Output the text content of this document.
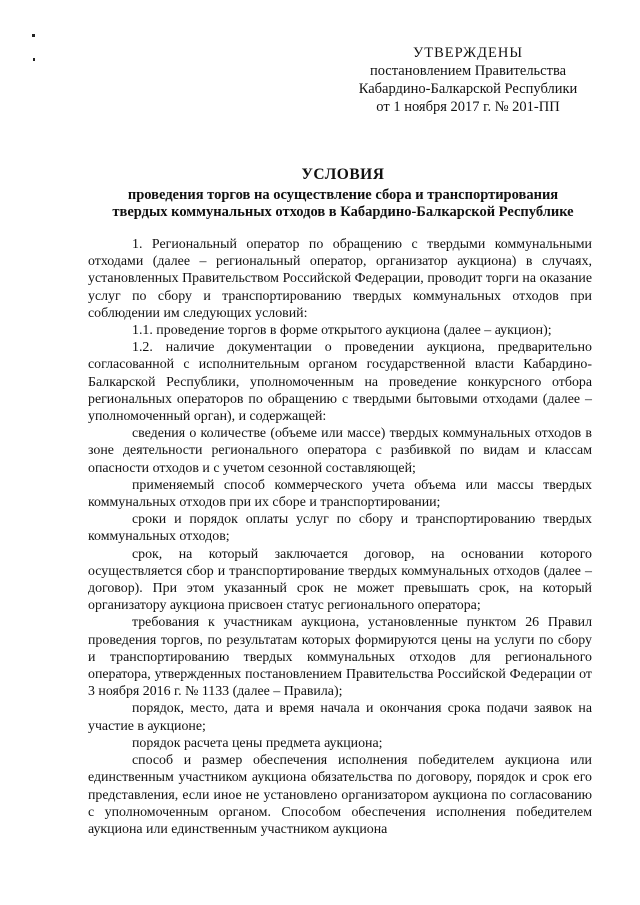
УТВЕРЖДЕНЫ
постановлением Правительства
Кабардино-Балкарской Республики
от 1 ноября 2017 г. № 201-ПП
УСЛОВИЯ
проведения торгов на осуществление сбора и транспортирования
твердых коммунальных отходов в Кабардино-Балкарской Республике

1. Региональный оператор по обращению с твердыми коммунальными отходами (далее – региональный оператор, организатор аукциона) в случаях, установленных Правительством Российской Федерации, проводит торги на оказание услуг по сбору и транспортированию твердых коммунальных отходов при соблюдении им следующих условий:

1.1. проведение торгов в форме открытого аукциона (далее – аукцион);

1.2. наличие документации о проведении аукциона, предварительно согласованной с исполнительным органом государственной власти Кабардино-Балкарской Республики, уполномоченным на проведение конкурсного отбора региональных операторов по обращению с твердыми бытовыми отходами (далее – уполномоченный орган), и содержащей:

сведения о количестве (объеме или массе) твердых коммунальных отходов в зоне деятельности регионального оператора с разбивкой по видам и классам опасности отходов и с учетом сезонной составляющей;

применяемый способ коммерческого учета объема или массы твердых коммунальных отходов при их сборе и транспортировании;

сроки и порядок оплаты услуг по сбору и транспортированию твердых коммунальных отходов;

срок, на который заключается договор, на основании которого осуществляется сбор и транспортирование твердых коммунальных отходов (далее – договор). При этом указанный срок не может превышать срок, на который организатору аукциона присвоен статус регионального оператора;

требования к участникам аукциона, установленные пунктом 26 Правил проведения торгов, по результатам которых формируются цены на услуги по сбору и транспортированию твердых коммунальных отходов для регионального оператора, утвержденных постановлением Правительства Российской Федерации от 3 ноября 2016 г. № 1133 (далее – Правила);

порядок, место, дата и время начала и окончания срока подачи заявок на участие в аукционе;

порядок расчета цены предмета аукциона;

способ и размер обеспечения исполнения победителем аукциона или единственным участником аукциона обязательства по договору, порядок и срок его представления, если иное не установлено организатором аукциона по согласованию с уполномоченным органом. Способом обеспечения исполнения победителем аукциона или единственным участником аукциона
